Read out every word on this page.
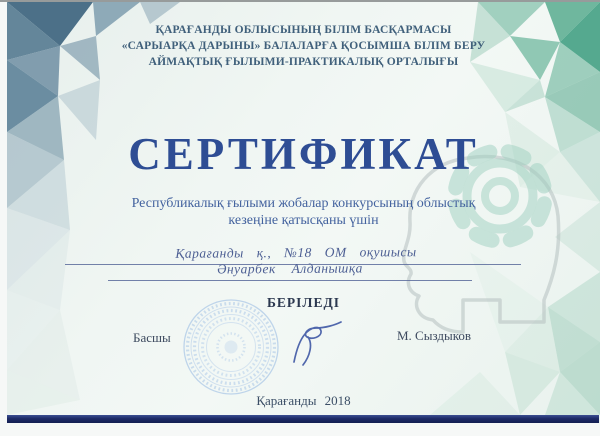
ҚАРАҒАНДЫ ОБЛЫСЫНЫҢ БІЛІМ БАСҚАРМАСЫ
«САРЫАРҚА ДАРЫНЫ» БАЛАЛАРҒА ҚОСЫМША БІЛІМ БЕРУ
АЙМАҚТЫҚ ҒЫЛЫМИ-ПРАКТИКАЛЫҚ ОРТАЛЫҒЫ
СЕРТИФИКАТ
Республикалық ғылыми жобалар конкурсының облыстық
кезеңіне қатысқаны үшін
Қарағанды қ., №18 ОМ оқушысы
Әнуарбек Алданышқа
БЕРІЛЕДІ
Басшы	М. Сыздыков
Қарағанды 2018
